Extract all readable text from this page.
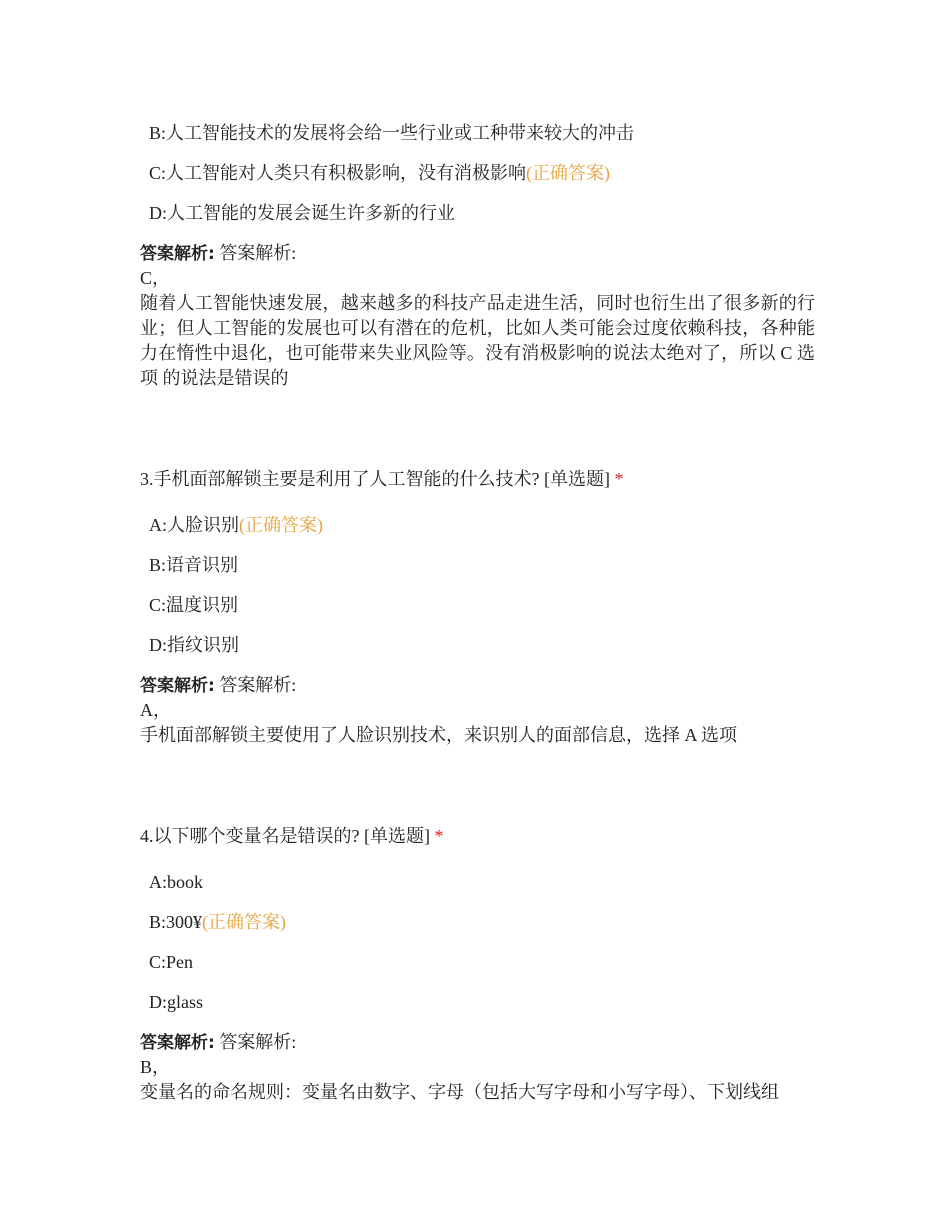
B:人工智能技术的发展将会给一些行业或工种带来较大的冲击
C:人工智能对人类只有积极影响，没有消极影响(正确答案)
D:人工智能的发展会诞生许多新的行业
答案解析: 答案解析:
C，
随着人工智能快速发展，越来越多的科技产品走进生活，同时也衍生出了很多新的行业；但人工智能的发展也可以有潜在的危机，比如人类可能会过度依赖科技，各种能力在惰性中退化，也可能带来失业风险等。没有消极影响的说法太绝对了，所以 C 选项 的说法是错误的
3.手机面部解锁主要是利用了人工智能的什么技术? [单选题] *
A:人脸识别(正确答案)
B:语音识别
C:温度识别
D:指纹识别
答案解析: 答案解析:
A，
手机面部解锁主要使用了人脸识别技术，来识别人的面部信息，选择 A 选项
4.以下哪个变量名是错误的? [单选题] *
A:book
B:300¥(正确答案)
C:Pen
D:glass
答案解析: 答案解析:
B，
变量名的命名规则：变量名由数字、字母（包括大写字母和小写字母）、下划线组
